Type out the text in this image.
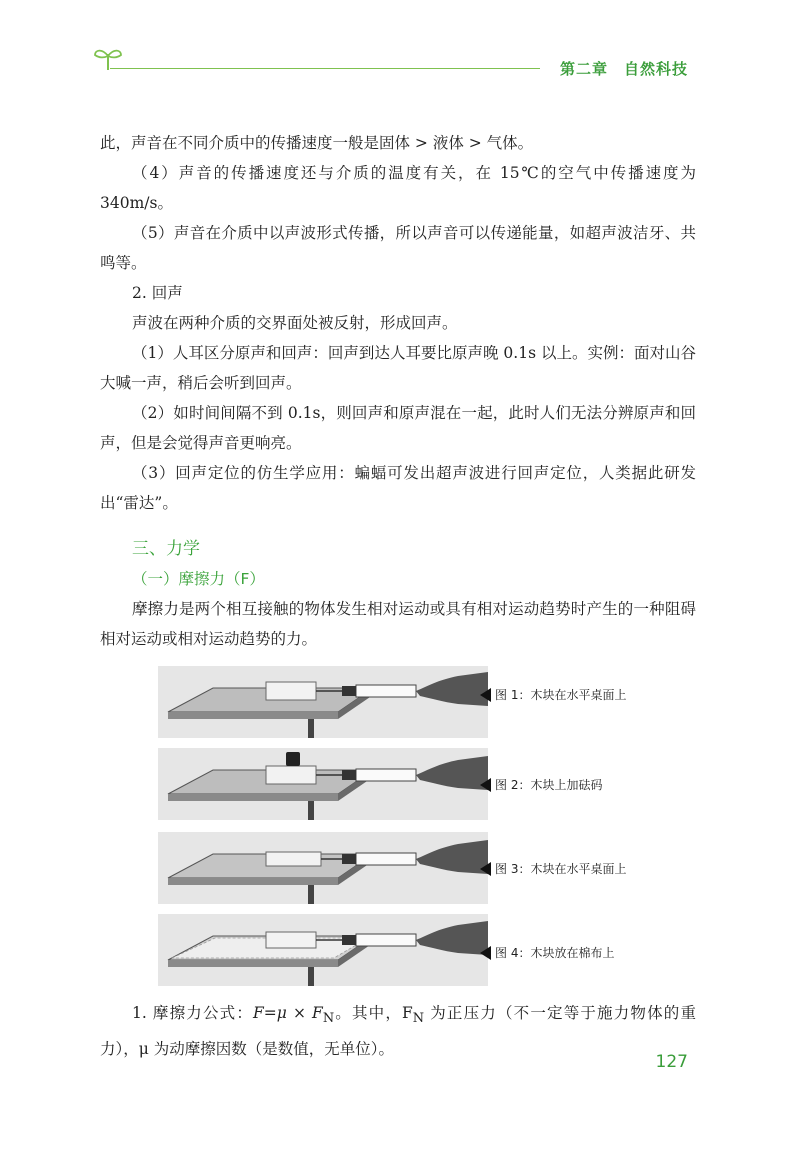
第二章　自然科技

此，声音在不同介质中的传播速度一般是固体 > 液体 > 气体。

（4）声音的传播速度还与介质的温度有关，在 15℃的空气中传播速度为 340m/s。

（5）声音在介质中以声波形式传播，所以声音可以传递能量，如超声波洁牙、共鸣等。

2. 回声

声波在两种介质的交界面处被反射，形成回声。

（1）人耳区分原声和回声：回声到达人耳要比原声晚 0.1s 以上。实例：面对山谷大喊一声，稍后会听到回声。

（2）如时间间隔不到 0.1s，则回声和原声混在一起，此时人们无法分辨原声和回声，但是会觉得声音更响亮。

（3）回声定位的仿生学应用：蝙蝠可发出超声波进行回声定位，人类据此研发出“雷达”。

三、力学
（一）摩擦力（F）

摩擦力是两个相互接触的物体发生相对运动或具有相对运动趋势时产生的一种阻碍相对运动或相对运动趋势的力。

图 1：木块在水平桌面上
图 2：木块上加砝码
图 3：木块在水平桌面上
图 4：木块放在棉布上

1. 摩擦力公式：$F=\mu \times F_N$。其中，$F_N$ 为正压力（不一定等于施力物体的重力），μ 为动摩擦因数（是数值，无单位）。

127
